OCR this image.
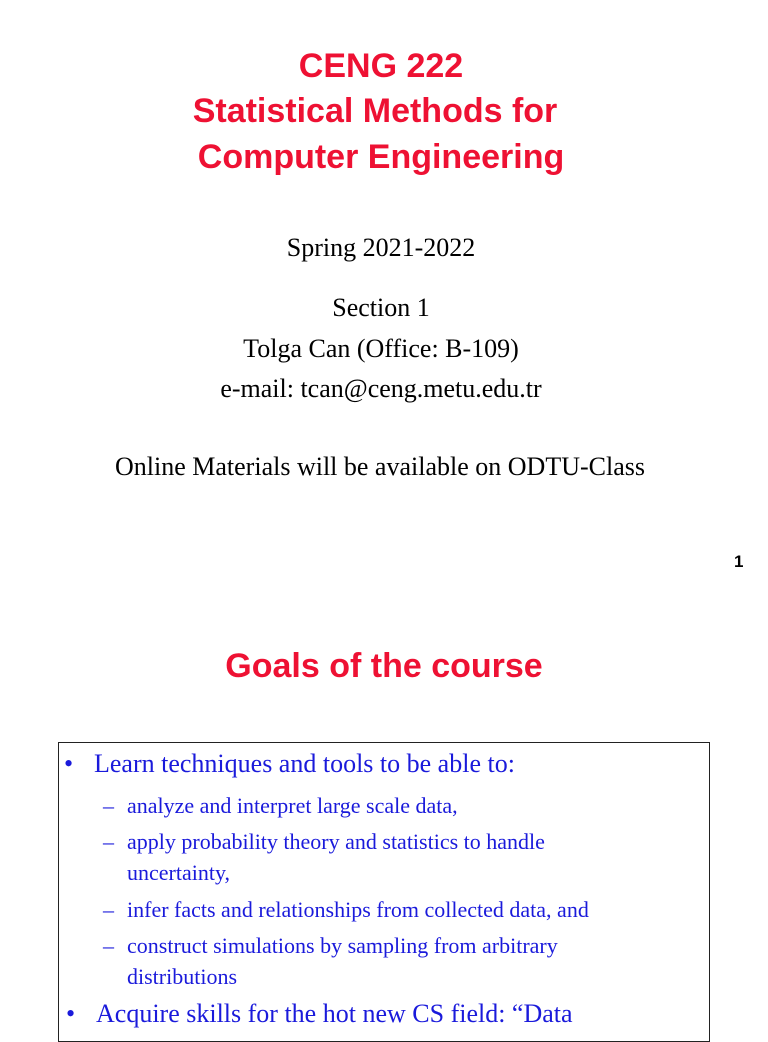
CENG 222
Statistical Methods for
Computer Engineering
Spring 2021-2022
Section 1
Tolga Can (Office: B-109)
e-mail: tcan@ceng.metu.edu.tr
Online Materials will be available on ODTU-Class
1
Goals of the course
• Learn techniques and tools to be able to:
– analyze and interpret large scale data,
– apply probability theory and statistics to handle
uncertainty,
– infer facts and relationships from collected data, and
– construct simulations by sampling from arbitrary
distributions
• Acquire skills for the hot new CS field: “Data
